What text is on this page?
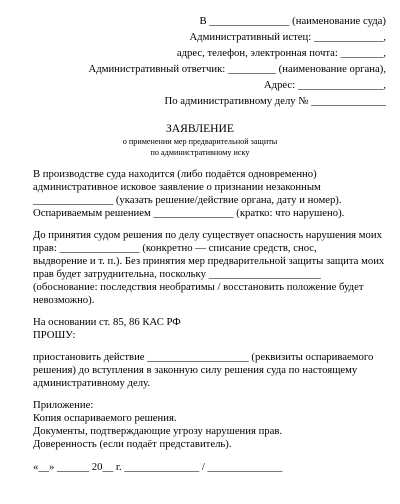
В _______________ (наименование суда)
Административный истец: _____________,
адрес, телефон, электронная почта: ________,
Административный ответчик: _________ (наименование органа),
Адрес: ________________,
По административному делу № ______________
ЗАЯВЛЕНИЕ
о применении мер предварительной защиты
по административному иску
В производстве суда находится (либо подаётся одновременно)
административное исковое заявление о признании незаконным
_______________ (указать решение/действие органа, дату и номер).
Оспариваемым решением _______________ (кратко: что нарушено).
До принятия судом решения по делу существует опасность нарушения моих
прав: _______________ (конкретно — списание средств, снос,
выдворение и т. п.). Без принятия мер предварительной защиты защита моих
прав будет затруднительна, поскольку _____________________
(обоснование: последствия необратимы / восстановить положение будет
невозможно).
На основании ст. 85, 86 КАС РФ
ПРОШУ:
приостановить действие ___________________ (реквизиты оспариваемого
решения) до вступления в законную силу решения суда по настоящему
административному делу.
Приложение:
Копия оспариваемого решения.
Документы, подтверждающие угрозу нарушения прав.
Доверенность (если подаёт представитель).
«__» ______ 20__ г. ______________ / ______________
